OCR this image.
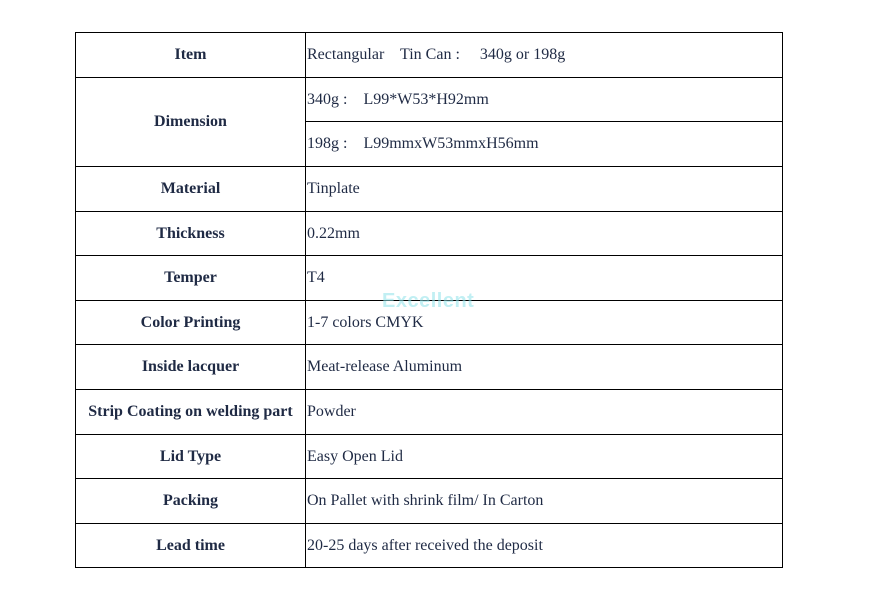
Item	Rectangular    Tin Can :     340g or 198g
Dimension	340g :    L99*W53*H92mm
	198g :    L99mmxW53mmxH56mm
Material	Tinplate
Thickness	0.22mm
Temper	T4
Color Printing	1-7 colors CMYK
Inside lacquer	Meat-release Aluminum
Strip Coating on welding part	Powder
Lid Type	Easy Open Lid
Packing	On Pallet with shrink film/ In Carton
Lead time	20-25 days after received the deposit
Excellent
